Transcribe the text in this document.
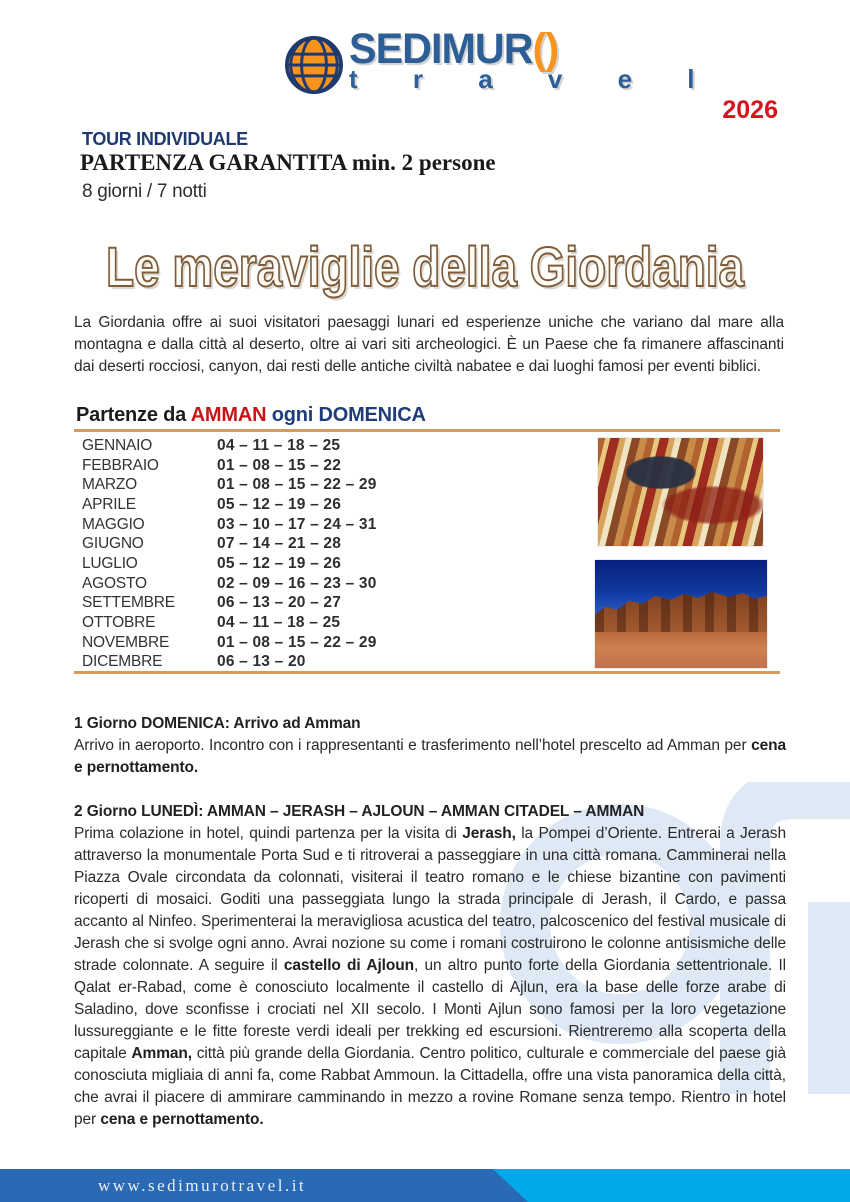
SEDIMUR()
t r a v e l
2026
TOUR INDIVIDUALE
PARTENZA GARANTITA min. 2 persone
8 giorni / 7 notti
Le meraviglie della Giordania

La Giordania offre ai suoi visitatori paesaggi lunari ed esperienze uniche che variano dal mare alla montagna e dalla città al deserto, oltre ai vari siti archeologici. È un Paese che fa rimanere affascinanti dai deserti rocciosi, canyon, dai resti delle antiche civiltà nabatee e dai luoghi famosi per eventi biblici.

Partenze da AMMAN ogni DOMENICA
GENNAIO	04 – 11 – 18 – 25
FEBBRAIO	01 – 08 – 15 – 22
MARZO	01 – 08 – 15 – 22 – 29
APRILE	05 – 12 – 19 – 26
MAGGIO	03 – 10 – 17 – 24 – 31
GIUGNO	07 – 14 – 21 – 28
LUGLIO	05 – 12 – 19 – 26
AGOSTO	02 – 09 – 16 – 23 – 30
SETTEMBRE	06 – 13 – 20 – 27
OTTOBRE	04 – 11 – 18 – 25
NOVEMBRE	01 – 08 – 15 – 22 – 29
DICEMBRE	06 – 13 – 20
1 Giorno DOMENICA: Arrivo ad Amman
Arrivo in aeroporto. Incontro con i rappresentanti e trasferimento nell’hotel prescelto ad Amman per cena e pernottamento.
2 Giorno LUNEDÌ: AMMAN – JERASH – AJLOUN – AMMAN CITADEL – AMMAN
Prima colazione in hotel, quindi partenza per la visita di Jerash, la Pompei d’Oriente. Entrerai a Jerash attraverso la monumentale Porta Sud e ti ritroverai a passeggiare in una città romana. Camminerai nella Piazza Ovale circondata da colonnati, visiterai il teatro romano e le chiese bizantine con pavimenti ricoperti di mosaici. Goditi una passeggiata lungo la strada principale di Jerash, il Cardo, e passa accanto al Ninfeo. Sperimenterai la meravigliosa acustica del teatro, palcoscenico del festival musicale di Jerash che si svolge ogni anno. Avrai nozione su come i romani costruirono le colonne antisismiche delle strade colonnate. A seguire il castello di Ajloun, un altro punto forte della Giordania settentrionale. Il Qalat er-Rabad, come è conosciuto localmente il castello di Ajlun, era la base delle forze arabe di Saladino, dove sconfisse i crociati nel XII secolo. I Monti Ajlun sono famosi per la loro vegetazione lussureggiante e le fitte foreste verdi ideali per trekking ed escursioni. Rientreremo alla scoperta della capitale Amman, città più grande della Giordania. Centro politico, culturale e commerciale del paese già conosciuta migliaia di anni fa, come Rabbat Ammoun. la Cittadella, offre una vista panoramica della città, che avrai il piacere di ammirare camminando in mezzo a rovine Romane senza tempo. Rientro in hotel per cena e pernottamento.
www.sedimurotravel.it
